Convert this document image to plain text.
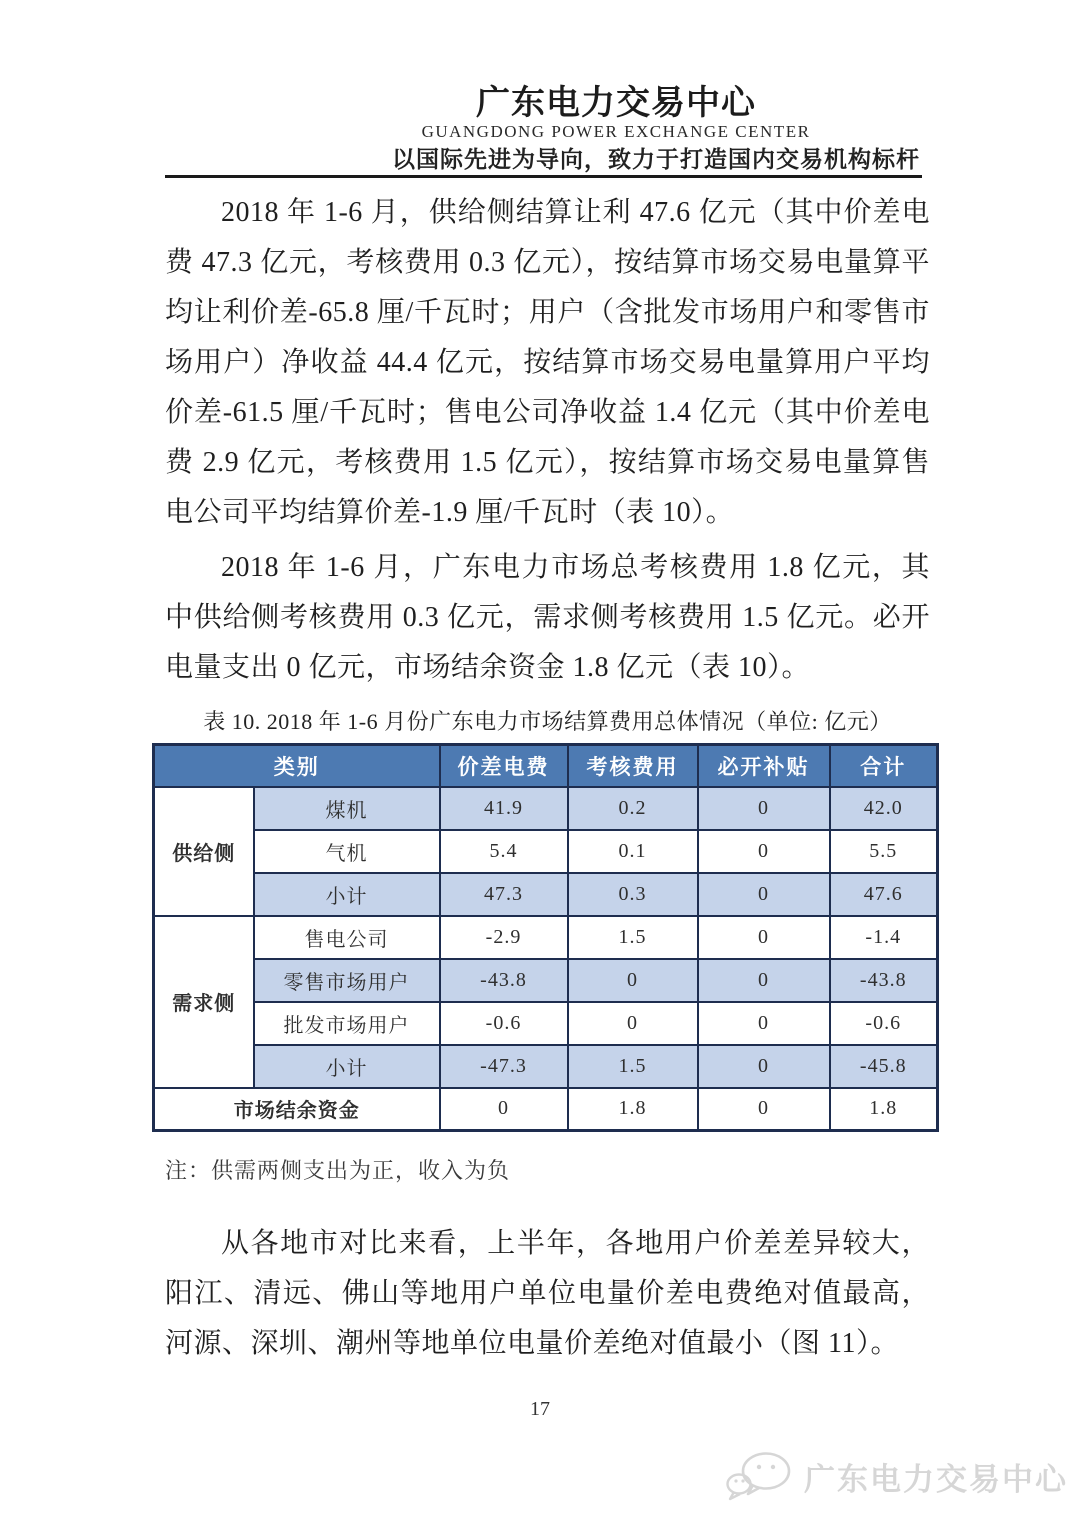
广东电力交易中心
GUANGDONG POWER EXCHANGE CENTER
以国际先进为导向，致力于打造国内交易机构标杆

2018 年 1-6 月，供给侧结算让利 47.6 亿元（其中价差电费 47.3 亿元，考核费用 0.3 亿元），按结算市场交易电量算平均让利价差-65.8 厘/千瓦时；用户（含批发市场用户和零售市场用户）净收益 44.4 亿元，按结算市场交易电量算用户平均价差-61.5 厘/千瓦时；售电公司净收益 1.4 亿元（其中价差电费 2.9 亿元，考核费用 1.5 亿元），按结算市场交易电量算售电公司平均结算价差-1.9 厘/千瓦时（表 10）。

2018 年 1-6 月，广东电力市场总考核费用 1.8 亿元，其中供给侧考核费用 0.3 亿元，需求侧考核费用 1.5 亿元。必开电量支出 0 亿元，市场结余资金 1.8 亿元（表 10）。

表 10. 2018 年 1-6 月份广东电力市场结算费用总体情况（单位: 亿元）
类别		价差电费	考核费用	必开补贴	合计
供给侧	煤机	41.9	0.2	0	42.0
	气机	5.4	0.1	0	5.5
	小计	47.3	0.3	0	47.6
需求侧	售电公司	-2.9	1.5	0	-1.4
	零售市场用户	-43.8	0	0	-43.8
	批发市场用户	-0.6	0	0	-0.6
	小计	-47.3	1.5	0	-45.8
市场结余资金		0	1.8	0	1.8
注：供需两侧支出为正，收入为负

从各地市对比来看，上半年，各地用户价差差异较大，阳江、清远、佛山等地用户单位电量价差电费绝对值最高，河源、深圳、潮州等地单位电量价差绝对值最小（图 11）。

17
广东电力交易中心
